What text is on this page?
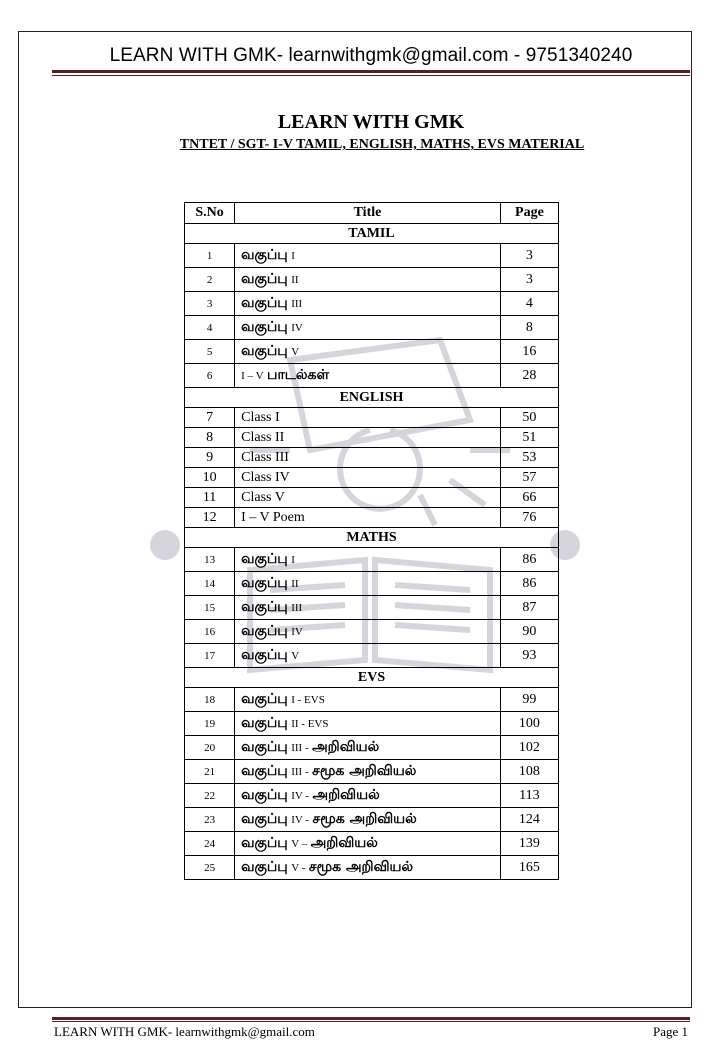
LEARN WITH GMK- learnwithgmk@gmail.com - 9751340240
LEARN WITH GMK
TNTET / SGT- I-V TAMIL, ENGLISH, MATHS, EVS MATERIAL
S.No	Title	Page
TAMIL		
1	வகுப்பு I	3
2	வகுப்பு II	3
3	வகுப்பு III	4
4	வகுப்பு IV	8
5	வகுப்பு V	16
6	I – V பாடல்கள்	28
ENGLISH		
7	Class I	50
8	Class II	51
9	Class III	53
10	Class IV	57
11	Class V	66
12	I – V Poem	76
MATHS		
13	வகுப்பு I	86
14	வகுப்பு II	86
15	வகுப்பு III	87
16	வகுப்பு IV	90
17	வகுப்பு V	93
EVS		
18	வகுப்பு I - EVS	99
19	வகுப்பு II - EVS	100
20	வகுப்பு III - அறிவியல்	102
21	வகுப்பு III - சமூக அறிவியல்	108
22	வகுப்பு IV - அறிவியல்	113
23	வகுப்பு IV - சமூக அறிவியல்	124
24	வகுப்பு V – அறிவியல்	139
25	வகுப்பு V - சமூக அறிவியல்	165
LEARN WITH GMK- learnwithgmk@gmail.com	Page 1
